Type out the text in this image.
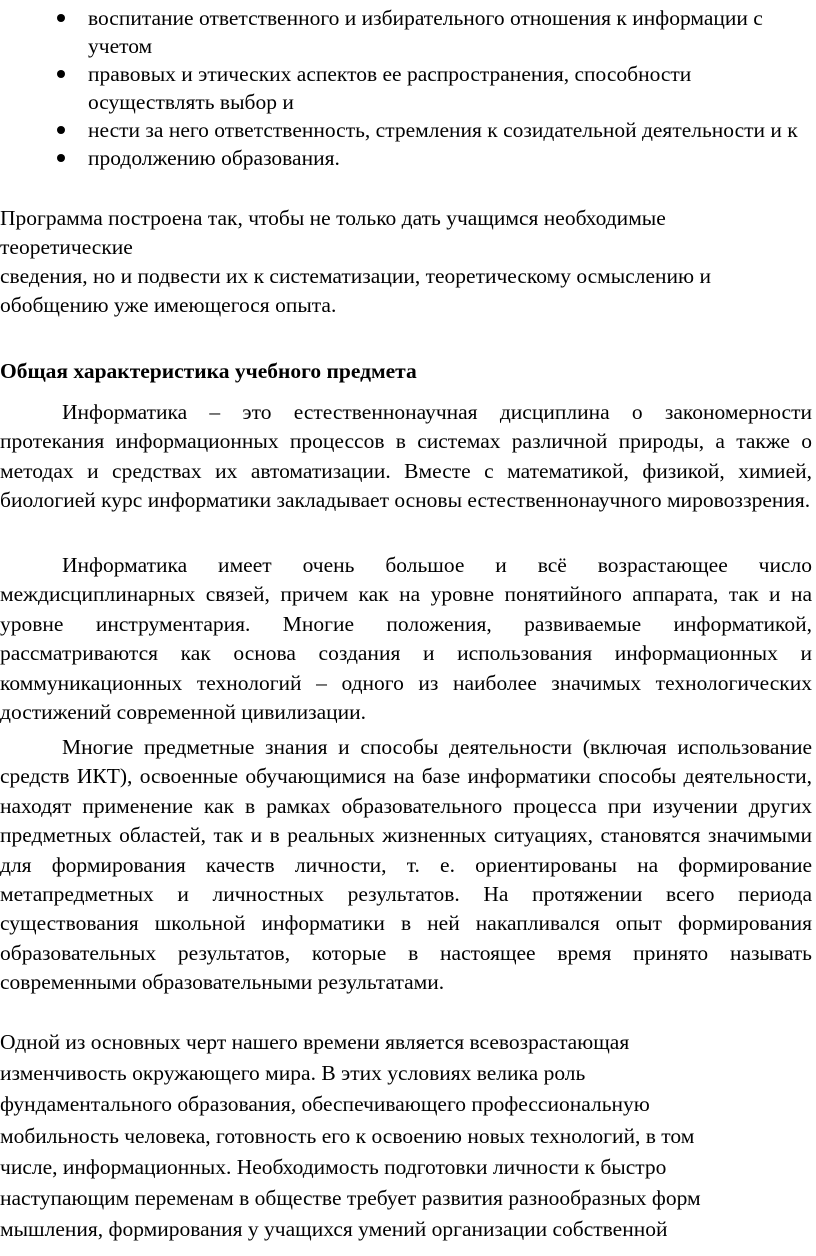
воспитание ответственного и избирательного отношения к информации с учетом
правовых и этических аспектов ее распространения, способности осуществлять выбор и
нести за него ответственность, стремления к созидательной деятельности и к
продолжению образования.

Программа построена так, чтобы не только дать учащимся необходимые
теоретические
сведения, но и подвести их к систематизации, теоретическому осмыслению и
обобщению уже имеющегося опыта.

Общая характеристика учебного предмета

Информатика – это естественнонаучная дисциплина о закономерности протекания информационных процессов в системах различной природы, а также о методах и средствах их автоматизации. Вместе с математикой, физикой, химией, биологией курс информатики закладывает основы естественнонаучного мировоззрения.

Информатика имеет очень большое и всё возрастающее число междисциплинарных связей, причем как на уровне понятийного аппарата, так и на уровне инструментария. Многие положения, развиваемые информатикой, рассматриваются как основа создания и использования информационных и коммуникационных технологий – одного из наиболее значимых технологических достижений современной цивилизации.

Многие предметные знания и способы деятельности (включая использование средств ИКТ), освоенные обучающимися на базе информатики способы деятельности, находят применение как в рамках образовательного процесса при изучении других предметных областей, так и в реальных жизненных ситуациях, становятся значимыми для формирования качеств личности, т. е. ориентированы на формирование метапредметных и личностных результатов. На протяжении всего периода существования школьной информатики в ней накапливался опыт формирования образовательных результатов, которые в настоящее время принято называть современными образовательными результатами.

Одной из основных черт нашего времени является всевозрастающая
изменчивость окружающего мира. В этих условиях велика роль
фундаментального образования, обеспечивающего профессиональную
мобильность человека, готовность его к освоению новых технологий, в том
числе, информационных. Необходимость подготовки личности к быстро
наступающим переменам в обществе требует развития разнообразных форм
мышления, формирования у учащихся умений организации собственной
